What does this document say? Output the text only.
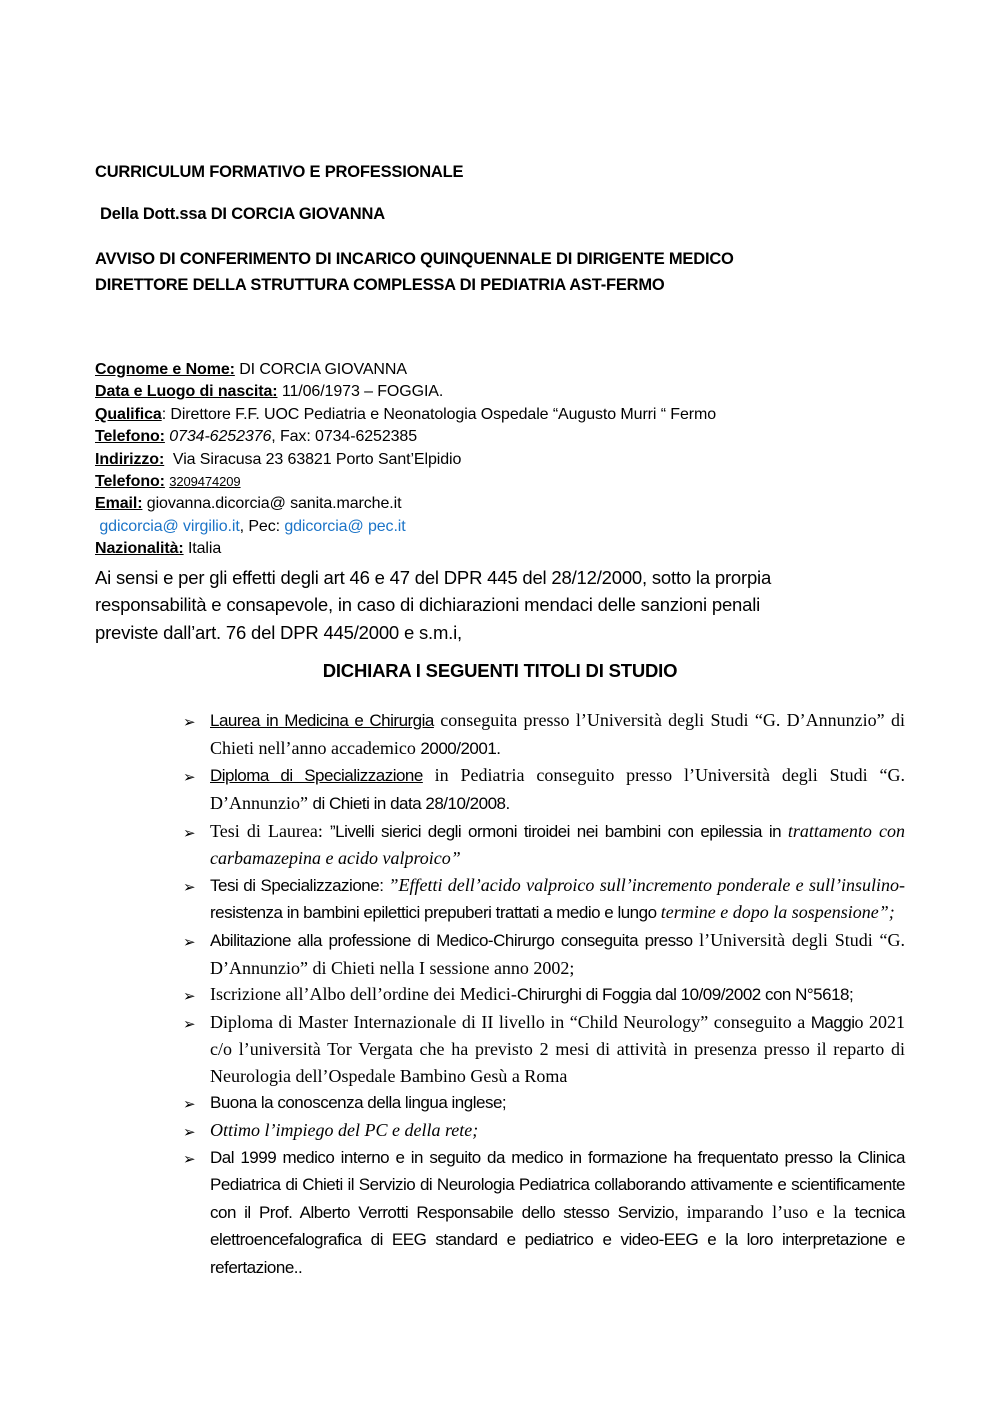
CURRICULUM FORMATIVO E PROFESSIONALE
Della Dott.ssa DI CORCIA GIOVANNA
AVVISO DI CONFERIMENTO DI INCARICO QUINQUENNALE DI DIRIGENTE MEDICO
DIRETTORE DELLA STRUTTURA COMPLESSA DI PEDIATRIA AST-FERMO
Cognome e Nome: DI CORCIA GIOVANNA
Data e Luogo di nascita: 11/06/1973 – FOGGIA.
Qualifica: Direttore F.F. UOC Pediatria e Neonatologia Ospedale “Augusto Murri “ Fermo
Telefono: 0734-6252376, Fax: 0734-6252385
Indirizzo:  Via Siracusa 23 63821 Porto Sant’Elpidio
Telefono: 3209474209
Email: giovanna.dicorcia@ sanita.marche.it
gdicorcia@ virgilio.it, Pec: gdicorcia@ pec.it
Nazionalità: Italia
Ai sensi e per gli effetti degli art 46 e 47 del DPR 445 del 28/12/2000, sotto la prorpia
responsabilità e consapevole, in caso di dichiarazioni mendaci delle sanzioni penali
previste dall’art. 76 del DPR 445/2000 e s.m.i,
DICHIARA I SEGUENTI TITOLI DI STUDIO
➢ Laurea in Medicina e Chirurgia conseguita presso l’Università degli Studi “G. D’Annunzio” di Chieti nell’anno accademico 2000/2001.
➢ Diploma di Specializzazione in Pediatria conseguito presso l’Università degli Studi “G. D’Annunzio” di Chieti in data 28/10/2008.
➢ Tesi di Laurea: ”Livelli sierici degli ormoni tiroidei nei bambini con epilessia in trattamento con carbamazepina e acido valproico”
➢ Tesi di Specializzazione: ”Effetti dell’acido valproico sull’incremento ponderale e sull’insulino-resistenza in bambini epilettici prepuberi trattati a medio e lungo termine e dopo la sospensione”;
➢ Abilitazione alla professione di Medico-Chirurgo conseguita presso l’Università degli Studi “G. D’Annunzio” di Chieti nella I sessione anno 2002;
➢ Iscrizione all’Albo dell’ordine dei Medici-Chirurghi di Foggia dal 10/09/2002 con N°5618;
➢ Diploma di Master Internazionale di II livello in “Child Neurology” conseguito a Maggio 2021 c/o l’università Tor Vergata che ha previsto 2 mesi di attività in presenza presso il reparto di Neurologia dell’Ospedale Bambino Gesù a Roma
➢ Buona la conoscenza della lingua inglese;
➢ Ottimo l’impiego del PC e della rete;
➢ Dal 1999 medico interno e in seguito da medico in formazione ha frequentato presso la Clinica Pediatrica di Chieti il Servizio di Neurologia Pediatrica collaborando attivamente e scientificamente con il Prof. Alberto Verrotti Responsabile dello stesso Servizio, imparando l’uso e la tecnica elettroencefalografica di EEG standard e pediatrico e video-EEG e la loro interpretazione e refertazione..
